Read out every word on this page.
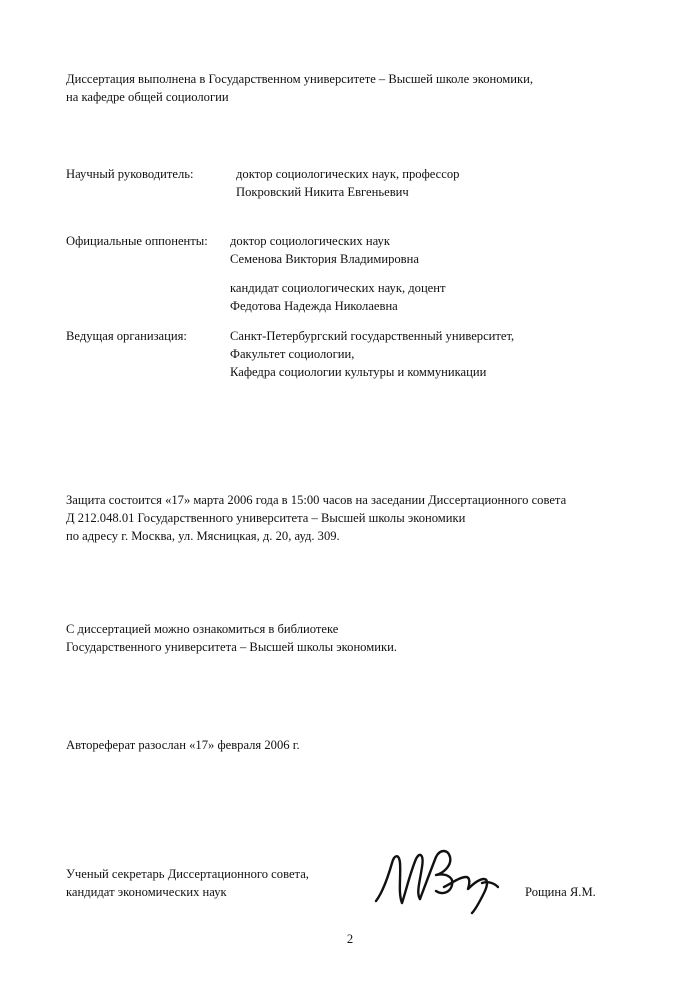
Диссертация выполнена в Государственном университете – Высшей школе экономики,
на кафедре общей социологии
Научный руководитель:	доктор социологических наук, профессор
Покровский Никита Евгеньевич
Официальные оппоненты: доктор социологических наук
Семенова Виктория Владимировна
кандидат социологических наук, доцент
Федотова Надежда Николаевна
Ведущая организация:	Санкт-Петербургский государственный университет,
Факультет социологии,
Кафедра социологии культуры и коммуникации
Защита состоится «17» марта 2006 года в 15:00 часов на заседании Диссертационного совета
Д 212.048.01 Государственного университета – Высшей школы экономики
по адресу г. Москва, ул. Мясницкая, д. 20, ауд. 309.
С диссертацией можно ознакомиться в библиотеке
Государственного университета – Высшей школы экономики.
Автореферат разослан «17» февраля 2006 г.
Ученый секретарь Диссертационного совета,
кандидат экономических наук	Рощина Я.М.
2
